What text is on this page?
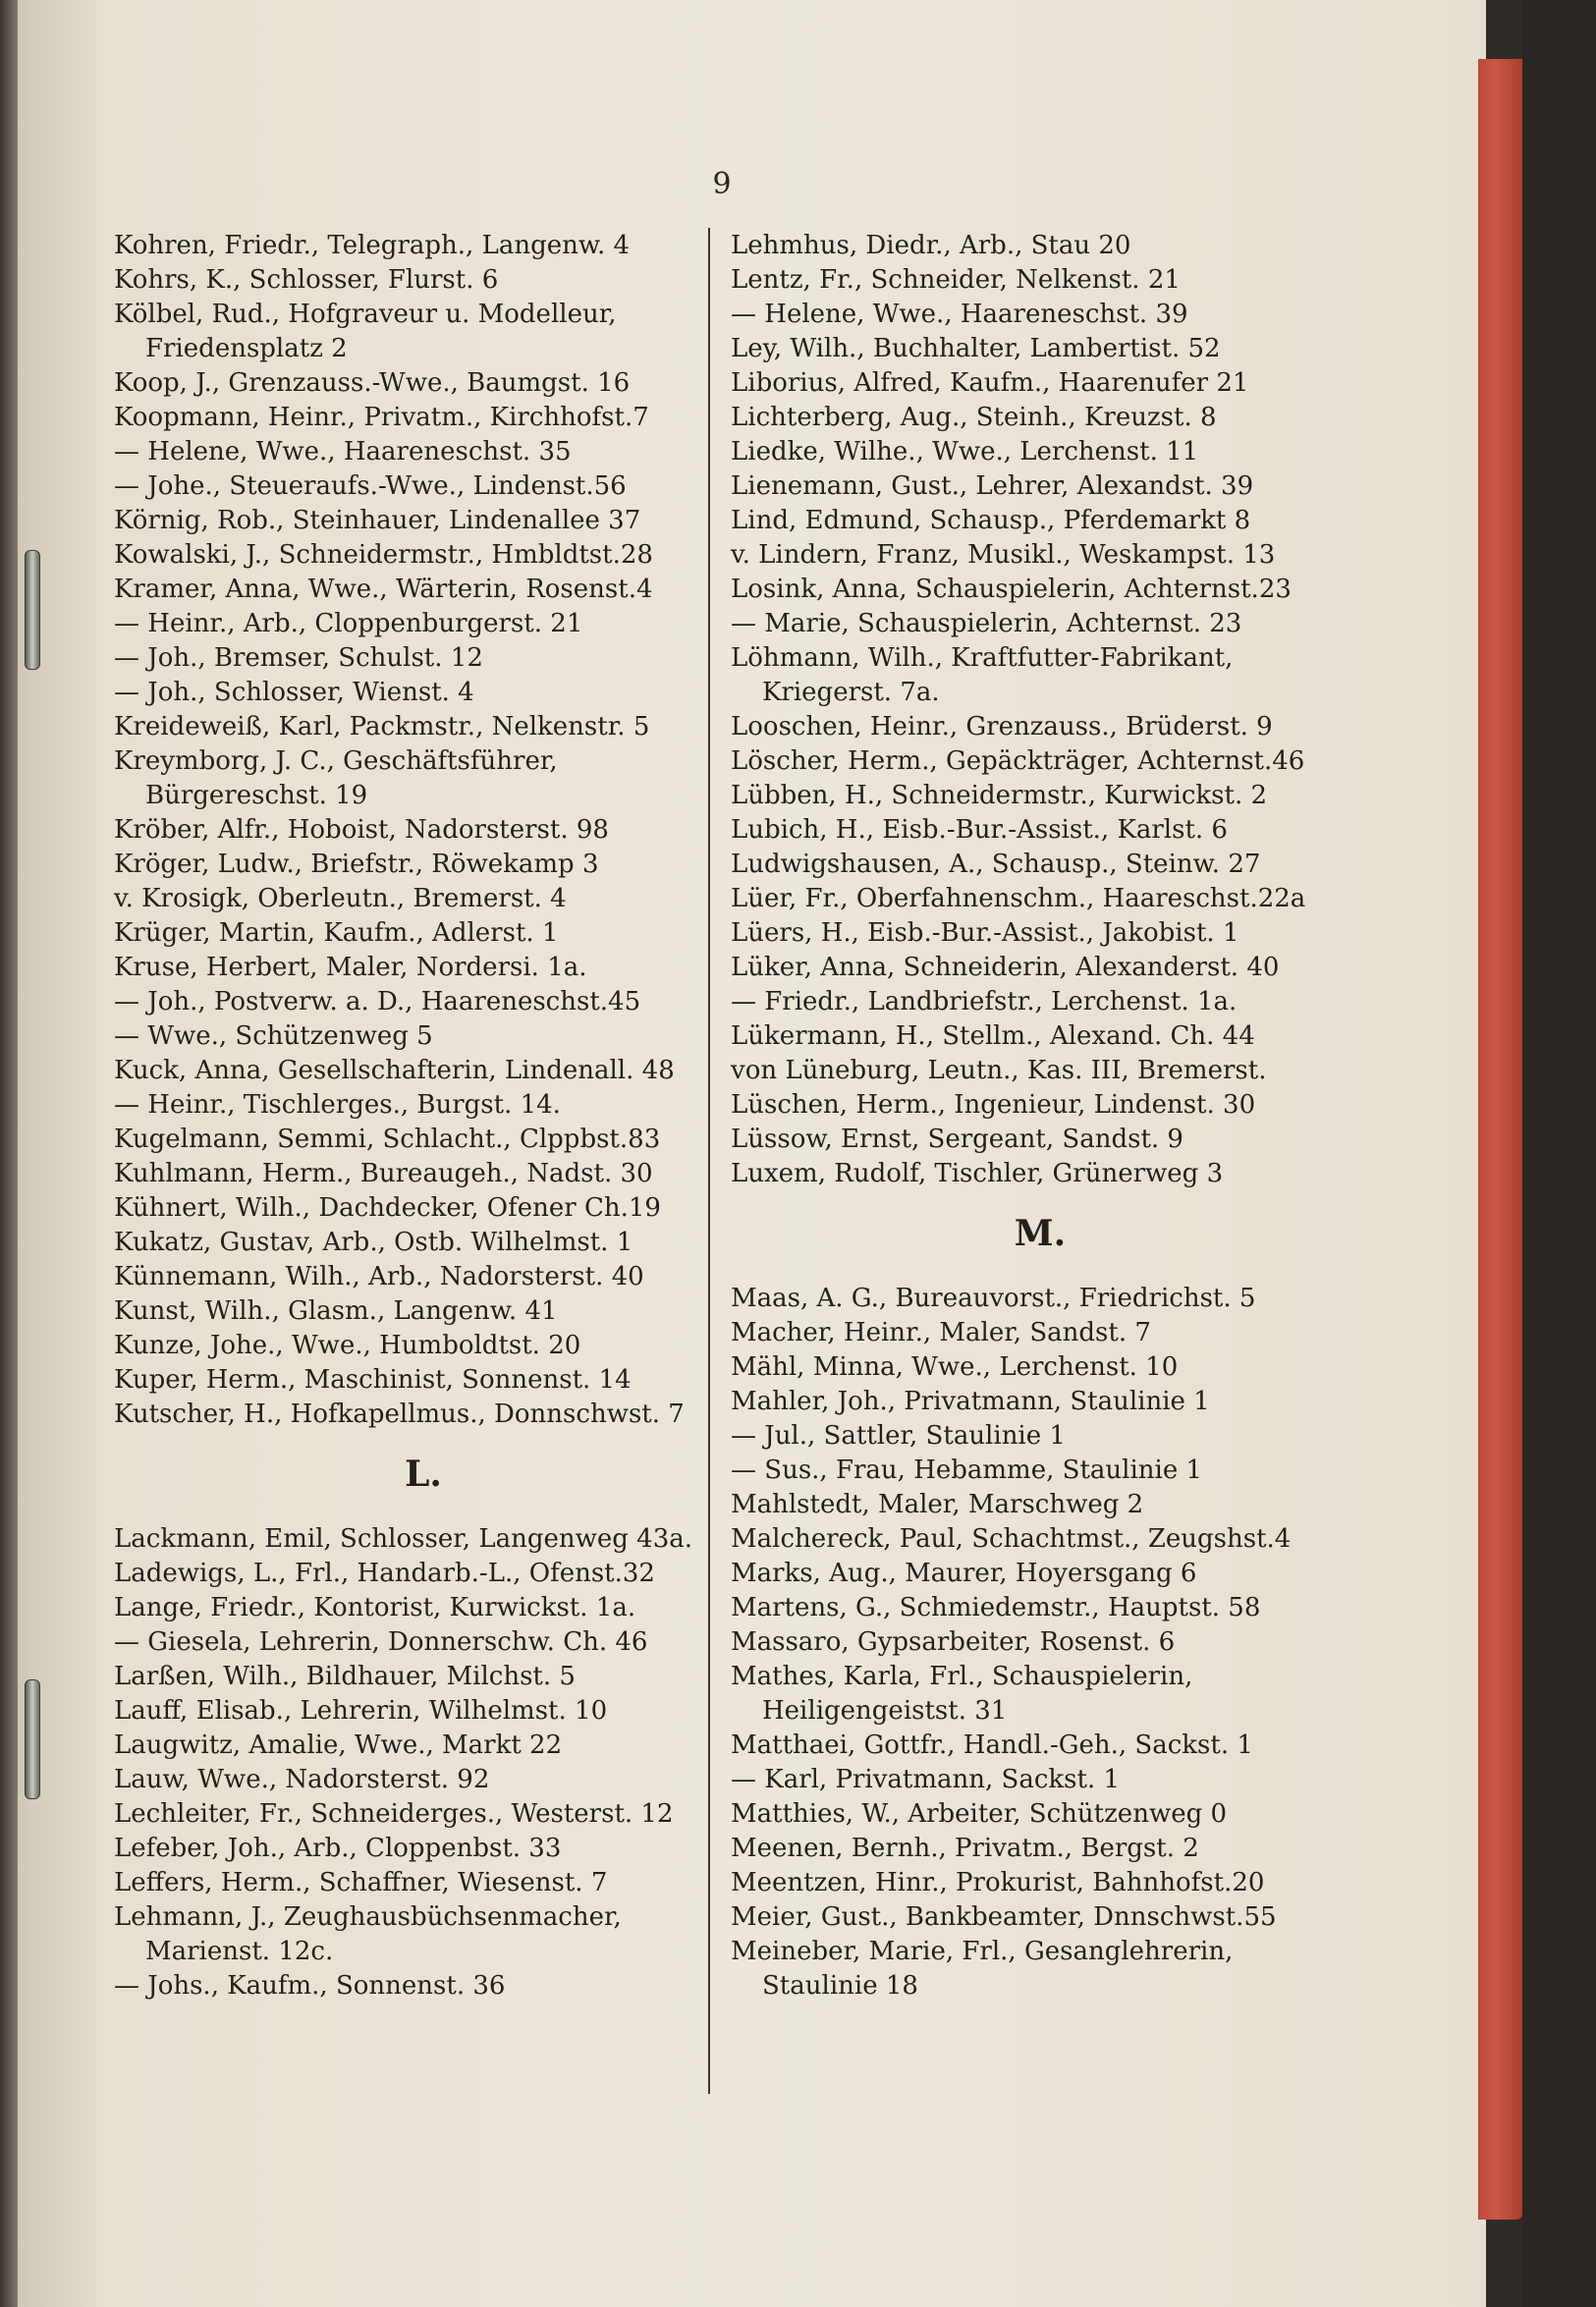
9
Kohren, Friedr., Telegraph., Langenw. 4
Kohrs, K., Schlosser, Flurst. 6
Kölbel, Rud., Hofgraveur u. Modelleur, Friedensplatz 2
Koop, J., Grenzauss.-Wwe., Baumgst. 16
Koopmann, Heinr., Privatm., Kirchhofst.7
— Helene, Wwe., Haareneschst. 35
— Johe., Steueraufs.-Wwe., Lindenst.56
Körnig, Rob., Steinhauer, Lindenallee 37
Kowalski, J., Schneidermstr., Hmbldtst.28
Kramer, Anna, Wwe., Wärterin, Rosenst.4
— Heinr., Arb., Cloppenburgerst. 21
— Joh., Bremser, Schulst. 12
— Joh., Schlosser, Wienst. 4
Kreideweiß, Karl, Packmstr., Nelkenstr. 5
Kreymborg, J. C., Geschäftsführer, Bürgereschst. 19
Kröber, Alfr., Hoboist, Nadorsterst. 98
Kröger, Ludw., Briefstr., Röwekamp 3
v. Krosigk, Oberleutn., Bremerst. 4
Krüger, Martin, Kaufm., Adlerst. 1
Kruse, Herbert, Maler, Nordersi. 1a.
— Joh., Postverw. a. D., Haareneschst.45
— Wwe., Schützenweg 5
Kuck, Anna, Gesellschafterin, Lindenall. 48
— Heinr., Tischlerges., Burgst. 14.
Kugelmann, Semmi, Schlacht., Clppbst.83
Kuhlmann, Herm., Bureaugeh., Nadst. 30
Kühnert, Wilh., Dachdecker, Ofener Ch.19
Kukatz, Gustav, Arb., Ostb. Wilhelmst. 1
Künnemann, Wilh., Arb., Nadorsterst. 40
Kunst, Wilh., Glasm., Langenw. 41
Kunze, Johe., Wwe., Humboldtst. 20
Kuper, Herm., Maschinist, Sonnenst. 14
Kutscher, H., Hofkapellmus., Donnschwst. 7
L.
Lackmann, Emil, Schlosser, Langenweg 43a.
Ladewigs, L., Frl., Handarb.-L., Ofenst.32
Lange, Friedr., Kontorist, Kurwickst. 1a.
— Giesela, Lehrerin, Donnerschw. Ch. 46
Larßen, Wilh., Bildhauer, Milchst. 5
Lauff, Elisab., Lehrerin, Wilhelmst. 10
Laugwitz, Amalie, Wwe., Markt 22
Lauw, Wwe., Nadorsterst. 92
Lechleiter, Fr., Schneiderges., Westerst. 12
Lefeber, Joh., Arb., Cloppenbst. 33
Leffers, Herm., Schaffner, Wiesenst. 7
Lehmann, J., Zeughausbüchsenmacher, Marienst. 12c.
— Johs., Kaufm., Sonnenst. 36
Lehmhus, Diedr., Arb., Stau 20
Lentz, Fr., Schneider, Nelkenst. 21
— Helene, Wwe., Haareneschst. 39
Ley, Wilh., Buchhalter, Lambertist. 52
Liborius, Alfred, Kaufm., Haarenufer 21
Lichterberg, Aug., Steinh., Kreuzst. 8
Liedke, Wilhe., Wwe., Lerchenst. 11
Lienemann, Gust., Lehrer, Alexandst. 39
Lind, Edmund, Schausp., Pferdemarkt 8
v. Lindern, Franz, Musikl., Weskampst. 13
Losink, Anna, Schauspielerin, Achternst.23
— Marie, Schauspielerin, Achternst. 23
Löhmann, Wilh., Kraftfutter-Fabrikant, Kriegerst. 7a.
Looschen, Heinr., Grenzauss., Brüderst. 9
Löscher, Herm., Gepäckträger, Achternst.46
Lübben, H., Schneidermstr., Kurwickst. 2
Lubich, H., Eisb.-Bur.-Assist., Karlst. 6
Ludwigshausen, A., Schausp., Steinw. 27
Lüer, Fr., Oberfahnenschm., Haareschst.22a
Lüers, H., Eisb.-Bur.-Assist., Jakobist. 1
Lüker, Anna, Schneiderin, Alexanderst. 40
— Friedr., Landbriefstr., Lerchenst. 1a.
Lükermann, H., Stellm., Alexand. Ch. 44
von Lüneburg, Leutn., Kas. III, Bremerst.
Lüschen, Herm., Ingenieur, Lindenst. 30
Lüssow, Ernst, Sergeant, Sandst. 9
Luxem, Rudolf, Tischler, Grünerweg 3
M.
Maas, A. G., Bureauvorst., Friedrichst. 5
Macher, Heinr., Maler, Sandst. 7
Mähl, Minna, Wwe., Lerchenst. 10
Mahler, Joh., Privatmann, Staulinie 1
— Jul., Sattler, Staulinie 1
— Sus., Frau, Hebamme, Staulinie 1
Mahlstedt, Maler, Marschweg 2
Malchereck, Paul, Schachtmst., Zeugshst.4
Marks, Aug., Maurer, Hoyersgang 6
Martens, G., Schmiedemstr., Hauptst. 58
Massaro, Gypsarbeiter, Rosenst. 6
Mathes, Karla, Frl., Schauspielerin, Heiligengeistst. 31
Matthaei, Gottfr., Handl.-Geh., Sackst. 1
— Karl, Privatmann, Sackst. 1
Matthies, W., Arbeiter, Schützenweg 0
Meenen, Bernh., Privatm., Bergst. 2
Meentzen, Hinr., Prokurist, Bahnhofst.20
Meier, Gust., Bankbeamter, Dnnschwst.55
Meineber, Marie, Frl., Gesanglehrerin, Staulinie 18
